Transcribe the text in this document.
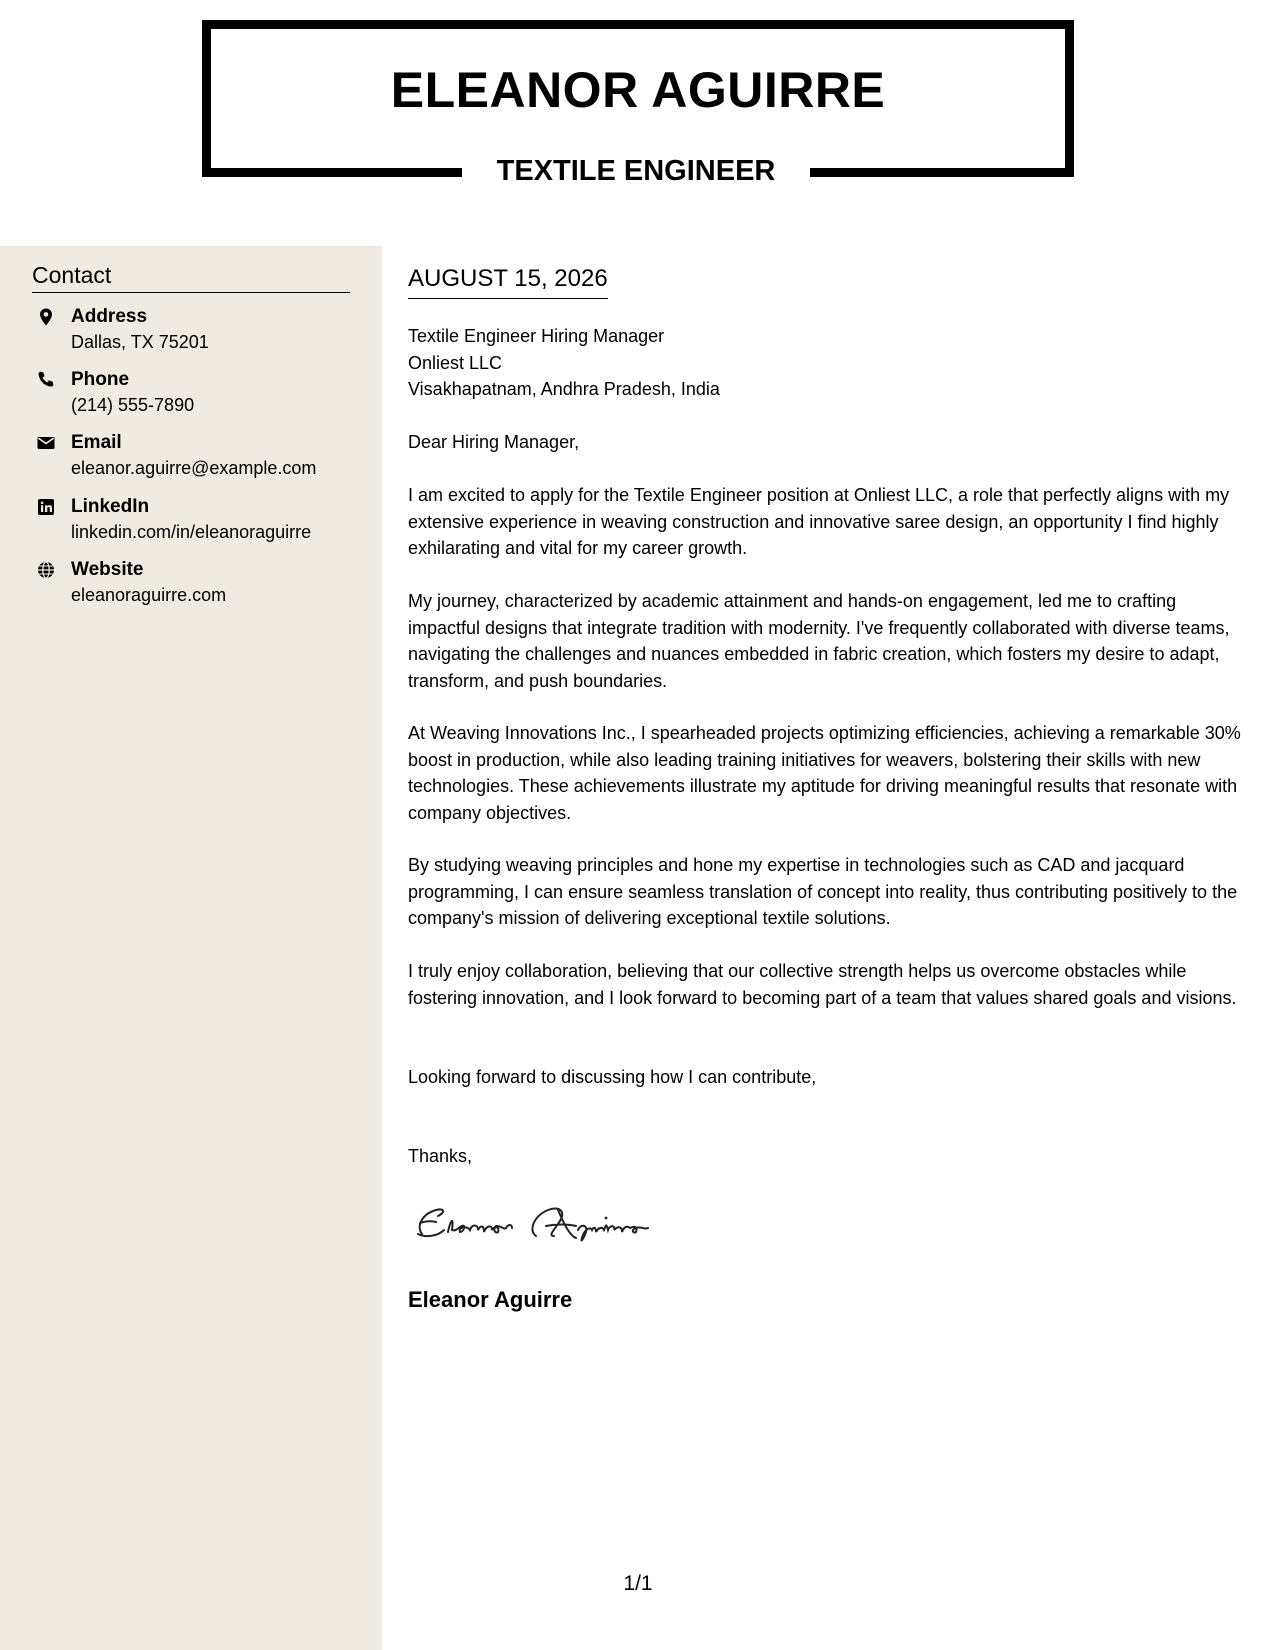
ELEANOR AGUIRRE
TEXTILE ENGINEER
Contact
Address
Dallas, TX 75201
Phone
(214) 555-7890
Email
eleanor.aguirre@example.com
LinkedIn
linkedin.com/in/eleanoraguirre
Website
eleanoraguirre.com
AUGUST 15, 2026
Textile Engineer Hiring Manager
Onliest LLC
Visakhapatnam, Andhra Pradesh, India
Dear Hiring Manager,
I am excited to apply for the Textile Engineer position at Onliest LLC, a role that perfectly aligns with my extensive experience in weaving construction and innovative saree design, an opportunity I find highly exhilarating and vital for my career growth.
My journey, characterized by academic attainment and hands-on engagement, led me to crafting impactful designs that integrate tradition with modernity. I've frequently collaborated with diverse teams, navigating the challenges and nuances embedded in fabric creation, which fosters my desire to adapt, transform, and push boundaries.
At Weaving Innovations Inc., I spearheaded projects optimizing efficiencies, achieving a remarkable 30% boost in production, while also leading training initiatives for weavers, bolstering their skills with new technologies. These achievements illustrate my aptitude for driving meaningful results that resonate with company objectives.
By studying weaving principles and hone my expertise in technologies such as CAD and jacquard programming, I can ensure seamless translation of concept into reality, thus contributing positively to the company's mission of delivering exceptional textile solutions.
I truly enjoy collaboration, believing that our collective strength helps us overcome obstacles while fostering innovation, and I look forward to becoming part of a team that values shared goals and visions.
Looking forward to discussing how I can contribute,
Thanks,
Eleanor Aguirre
1/1
